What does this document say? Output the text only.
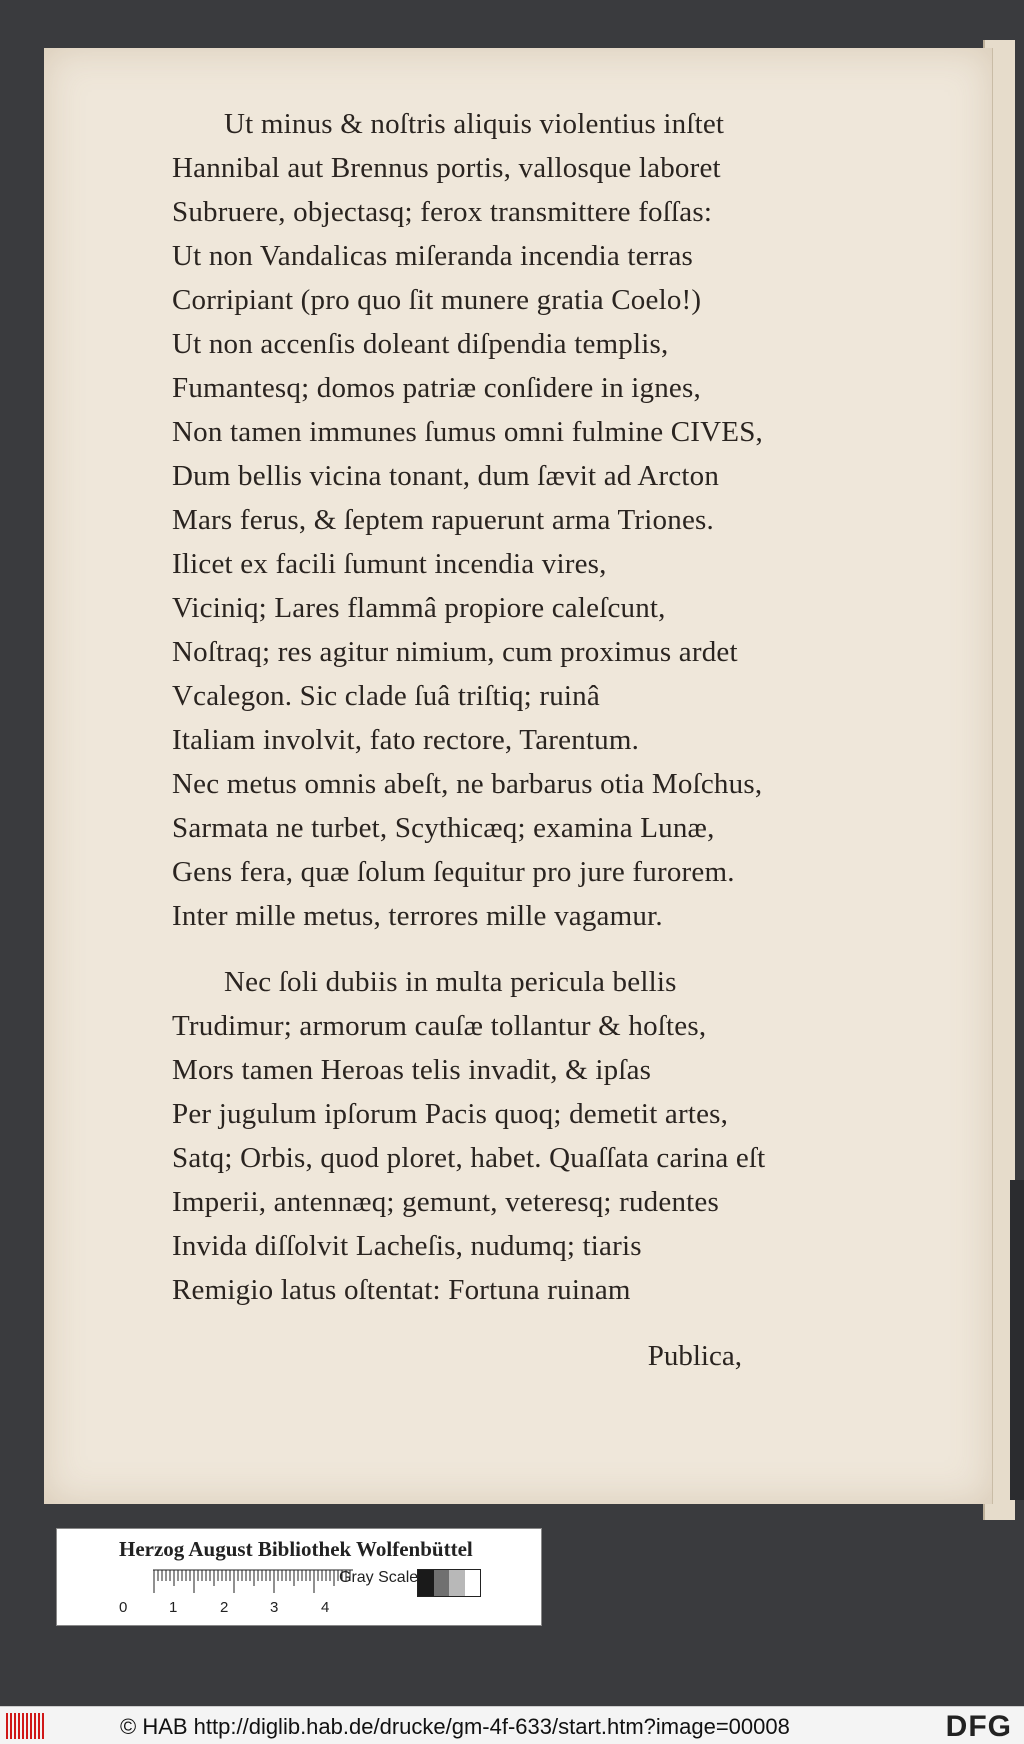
Ut minus & noſtris aliquis violentius inſtet
Hannibal aut Brennus portis, vallosque laboret
Subruere, objectasq; ferox transmittere foſſas:
Ut non Vandalicas miſeranda incendia terras
Corripiant (pro quo ſit munere gratia Coelo!)
Ut non accenſis doleant diſpendia templis,
Fumantesq; domos patriæ conſidere in ignes,
Non tamen immunes ſumus omni fulmine CIVES,
Dum bellis vicina tonant, dum ſævit ad Arcton
Mars ferus, & ſeptem rapuerunt arma Triones.
Ilicet ex facili ſumunt incendia vires,
Viciniq; Lares flammâ propiore caleſcunt,
Noſtraq; res agitur nimium, cum proximus ardet
Vcalegon. Sic clade ſuâ triſtiq; ruinâ
Italiam involvit, fato rectore, Tarentum.
Nec metus omnis abeſt, ne barbarus otia Moſchus,
Sarmata ne turbet, Scythicæq; examina Lunæ,
Gens fera, quæ ſolum ſequitur pro jure furorem.
Inter mille metus, terrores mille vagamur.
Nec ſoli dubiis in multa pericula bellis
Trudimur; armorum cauſæ tollantur & hoſtes,
Mors tamen Heroas telis invadit, & ipſas
Per jugulum ipſorum Pacis quoq; demetit artes,
Satq; Orbis, quod ploret, habet. Quaſſata carina eſt
Imperii, antennæq; gemunt, veteresq; rudentes
Invida diſſolvit Lacheſis, nudumq; tiaris
Remigio latus oſtentat: Fortuna ruinam
Publica,
Herzog August Bibliothek Wolfenbüttel
0	1	2	3	4
Gray Scale
© HAB http://diglib.hab.de/drucke/gm-4f-633/start.htm?image=00008	DFG
